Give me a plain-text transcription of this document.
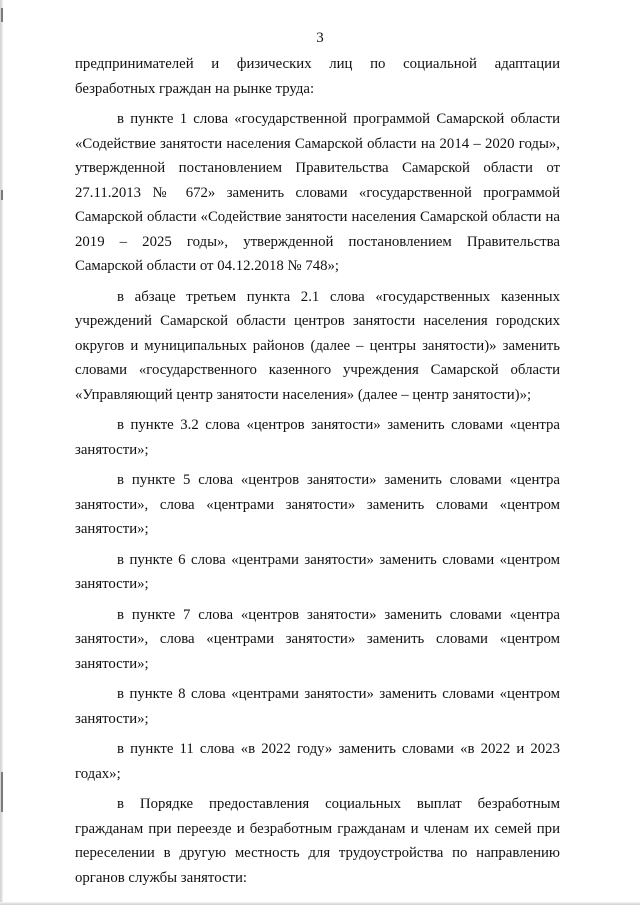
3

предпринимателей и физических лиц по социальной адаптации безработных граждан на рынке труда:

в пункте 1 слова «государственной программой Самарской области «Содействие занятости населения Самарской области на 2014 – 2020 годы», утвержденной постановлением Правительства Самарской области от 27.11.2013 № 672» заменить словами «государственной программой Самарской области «Содействие занятости населения Самарской области на 2019 – 2025 годы», утвержденной постановлением Правительства Самарской области от 04.12.2018 № 748»;

в абзаце третьем пункта 2.1 слова «государственных казенных учреждений Самарской области центров занятости населения городских округов и муниципальных районов (далее – центры занятости)» заменить словами «государственного казенного учреждения Самарской области «Управляющий центр занятости населения» (далее – центр занятости)»;

в пункте 3.2 слова «центров занятости» заменить словами «центра занятости»;

в пункте 5 слова «центров занятости» заменить словами «центра занятости», слова «центрами занятости» заменить словами «центром занятости»;

в пункте 6 слова «центрами занятости» заменить словами «центром занятости»;

в пункте 7 слова «центров занятости» заменить словами «центра занятости», слова «центрами занятости» заменить словами «центром занятости»;

в пункте 8 слова «центрами занятости» заменить словами «центром занятости»;

в пункте 11 слова «в 2022 году» заменить словами «в 2022 и 2023 годах»;

в Порядке предоставления социальных выплат безработным гражданам при переезде и безработным гражданам и членам их семей при переселении в другую местность для трудоустройства по направлению органов службы занятости:
